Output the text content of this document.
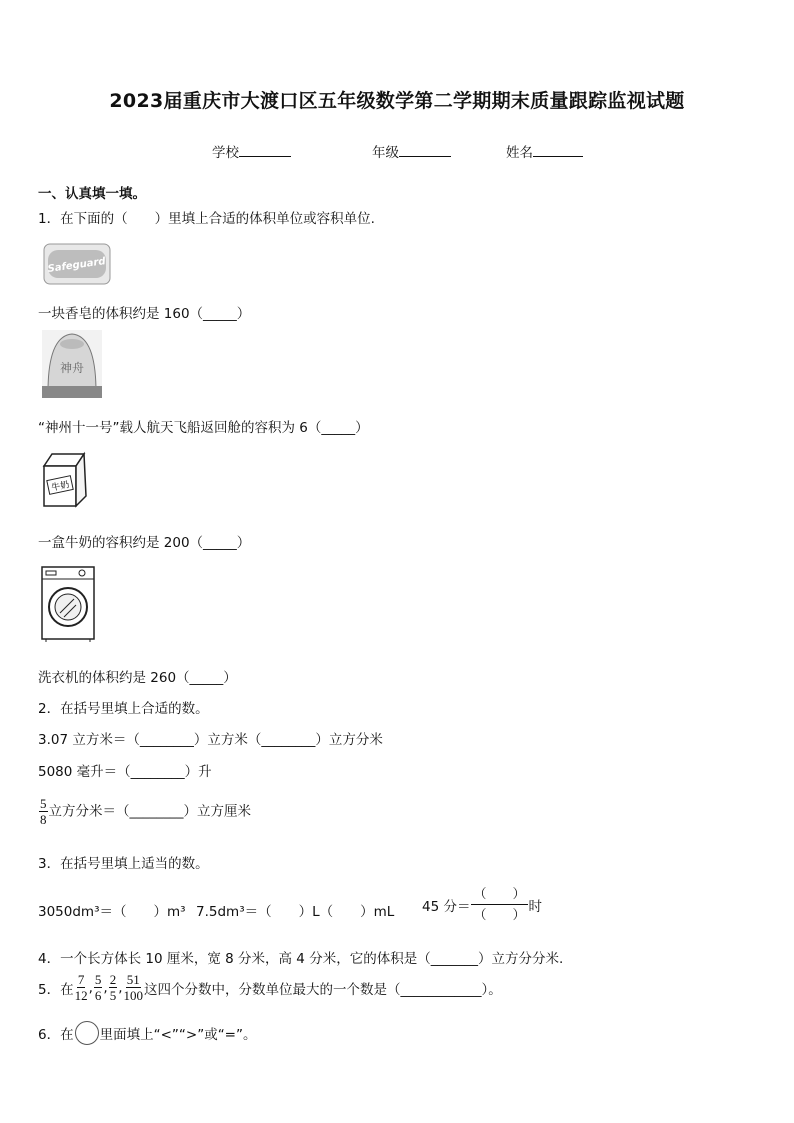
2023届重庆市大渡口区五年级数学第二学期期末质量跟踪监视试题
学校	年级	姓名
一、认真填一填。
1．在下面的（　　）里填上合适的体积单位或容积单位.
Safeguard
一块香皂的体积约是 160（_____）
神舟
“神州十一号”载人航天飞船返回舱的容积为 6（_____）
牛奶
一盒牛奶的容积约是 200（_____）
洗衣机的体积约是 260（_____）
2．在括号里填上合适的数。
3.07 立方米＝（________）立方米（________）立方分米
5080 毫升＝（________）升
$\frac{5}{8}$ 立方分米＝（________）立方厘米
3．在括号里填上适当的数。
3050dm³＝（　　）m³ 7.5dm³＝（　　）L（　　）mL 45 分＝ $\frac{( )}{( )}$ 时
4．一个长方体长 10 厘米，宽 8 分米，高 4 分米，它的体积是（_______）立方分分米.
5．在 $\frac{7}{12}$ , $\frac{5}{6}$ , $\frac{2}{5}$ , $\frac{51}{100}$ 这四个分数中，分数单位最大的一个数是（____________）。
6．在 里面填上“<”“>”或“=”。
